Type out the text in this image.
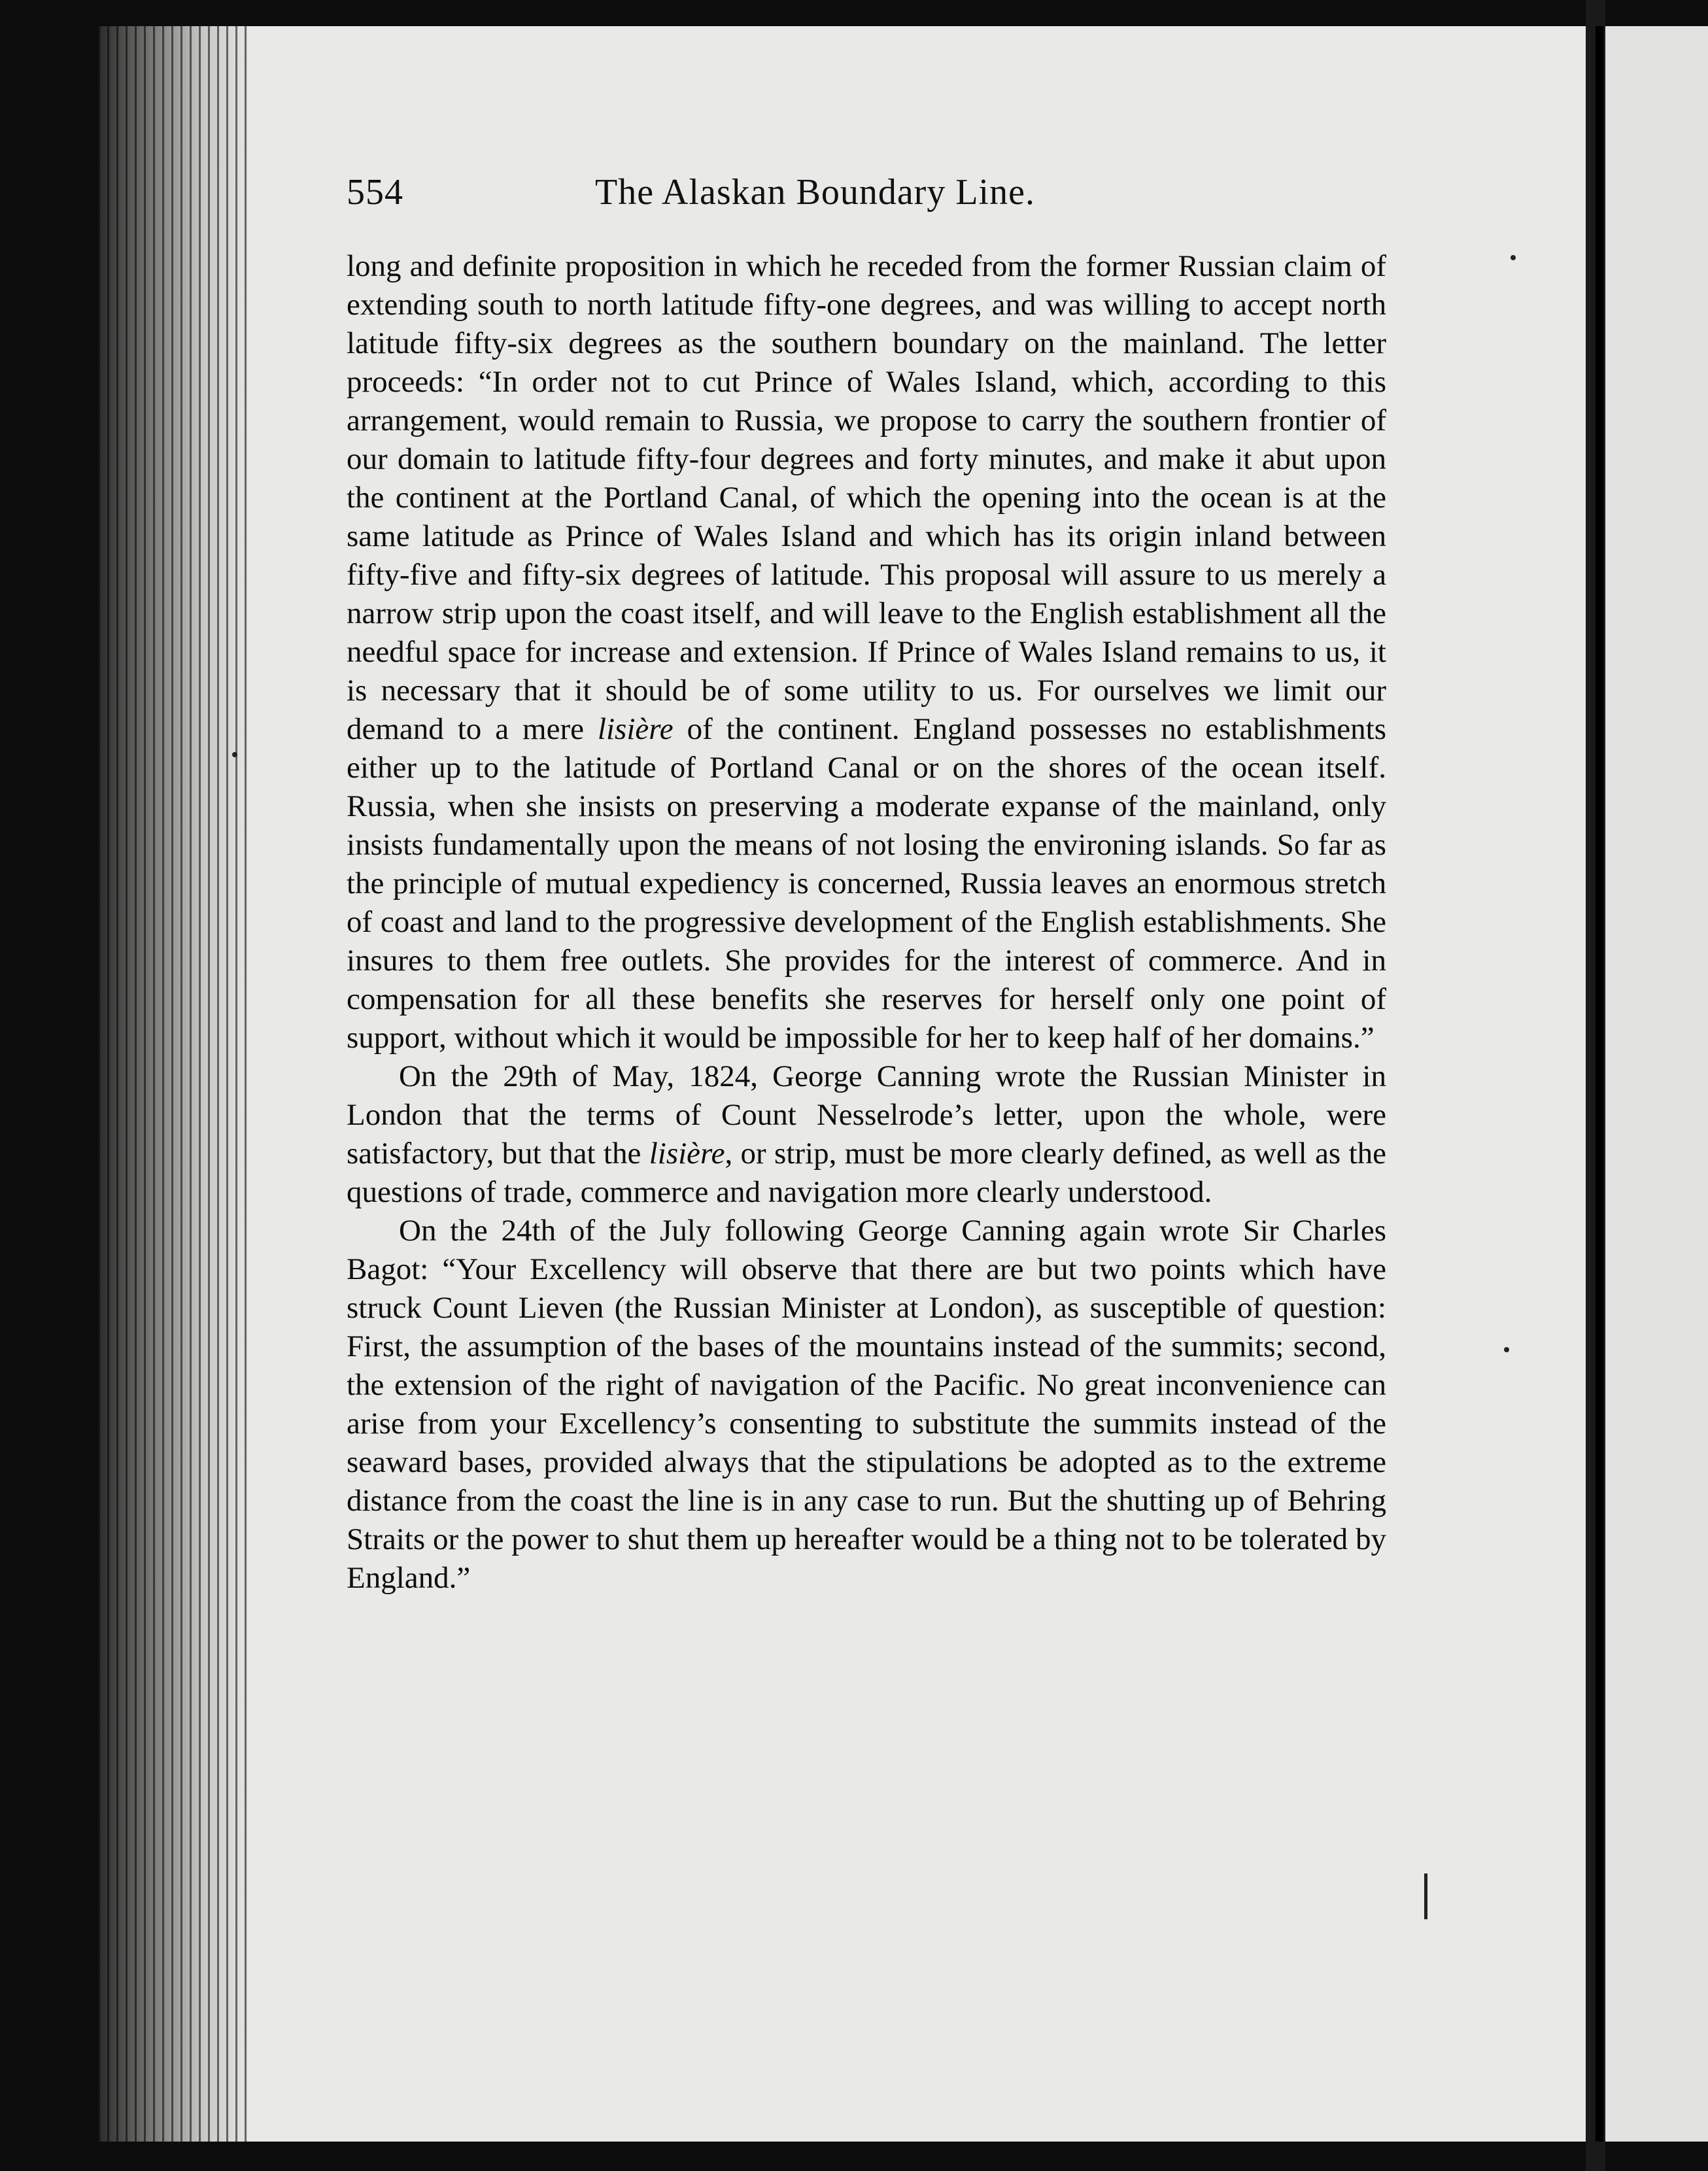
554	The Alaskan Boundary Line.

long and definite proposition in which he receded from the former Russian claim of extending south to north latitude fifty-one degrees, and was willing to accept north latitude fifty-six degrees as the southern boundary on the mainland. The letter proceeds: “In order not to cut Prince of Wales Island, which, according to this arrangement, would remain to Russia, we propose to carry the southern frontier of our domain to latitude fifty-four degrees and forty minutes, and make it abut upon the continent at the Portland Canal, of which the opening into the ocean is at the same latitude as Prince of Wales Island and which has its origin inland between fifty-five and fifty-six degrees of latitude. This proposal will assure to us merely a narrow strip upon the coast itself, and will leave to the English establishment all the needful space for increase and extension. If Prince of Wales Island remains to us, it is necessary that it should be of some utility to us. For ourselves we limit our demand to a mere lisière of the continent. England possesses no establishments either up to the latitude of Portland Canal or on the shores of the ocean itself. Russia, when she insists on preserving a moderate expanse of the mainland, only insists fundamentally upon the means of not losing the environing islands. So far as the principle of mutual expediency is concerned, Russia leaves an enormous stretch of coast and land to the progressive development of the English establishments. She insures to them free outlets. She provides for the interest of commerce. And in compensation for all these benefits she reserves for herself only one point of support, without which it would be impossible for her to keep half of her domains.”

On the 29th of May, 1824, George Canning wrote the Russian Minister in London that the terms of Count Nesselrode’s letter, upon the whole, were satisfactory, but that the lisière, or strip, must be more clearly defined, as well as the questions of trade, commerce and navigation more clearly understood.

On the 24th of the July following George Canning again wrote Sir Charles Bagot: “Your Excellency will observe that there are but two points which have struck Count Lieven (the Russian Minister at London), as susceptible of question: First, the assumption of the bases of the mountains instead of the summits; second, the extension of the right of navigation of the Pacific. No great inconvenience can arise from your Excellency’s consenting to substitute the summits instead of the seaward bases, provided always that the stipulations be adopted as to the extreme distance from the coast the line is in any case to run. But the shutting up of Behring Straits or the power to shut them up hereafter would be a thing not to be tolerated by England.”
